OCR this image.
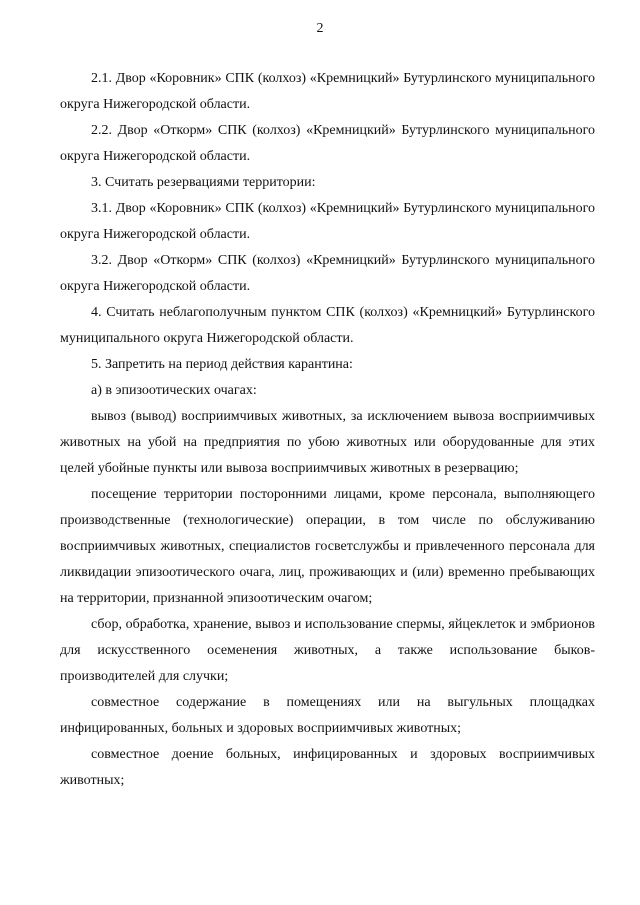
2

2.1. Двор «Коровник» СПК (колхоз) «Кремницкий» Бутурлинского муниципального округа Нижегородской области.

2.2. Двор «Откорм» СПК (колхоз) «Кремницкий» Бутурлинского муниципального округа Нижегородской области.

3. Считать резервациями территории:

3.1. Двор «Коровник» СПК (колхоз) «Кремницкий» Бутурлинского муниципального округа Нижегородской области.

3.2. Двор «Откорм» СПК (колхоз) «Кремницкий» Бутурлинского муниципального округа Нижегородской области.

4. Считать неблагополучным пунктом СПК (колхоз) «Кремницкий» Бутурлинского муниципального округа Нижегородской области.

5. Запретить на период действия карантина:

а) в эпизоотических очагах:

вывоз (вывод) восприимчивых животных, за исключением вывоза восприимчивых животных на убой на предприятия по убою животных или оборудованные для этих целей убойные пункты или вывоза восприимчивых животных в резервацию;

посещение территории посторонними лицами, кроме персонала, выполняющего производственные (технологические) операции, в том числе по обслуживанию восприимчивых животных, специалистов госветслужбы и привлеченного персонала для ликвидации эпизоотического очага, лиц, проживающих и (или) временно пребывающих на территории, признанной эпизоотическим очагом;

сбор, обработка, хранение, вывоз и использование спермы, яйцеклеток и эмбрионов для искусственного осеменения животных, а также использование быков-производителей для случки;

совместное содержание в помещениях или на выгульных площадках инфицированных, больных и здоровых восприимчивых животных;

совместное доение больных, инфицированных и здоровых восприимчивых животных;
